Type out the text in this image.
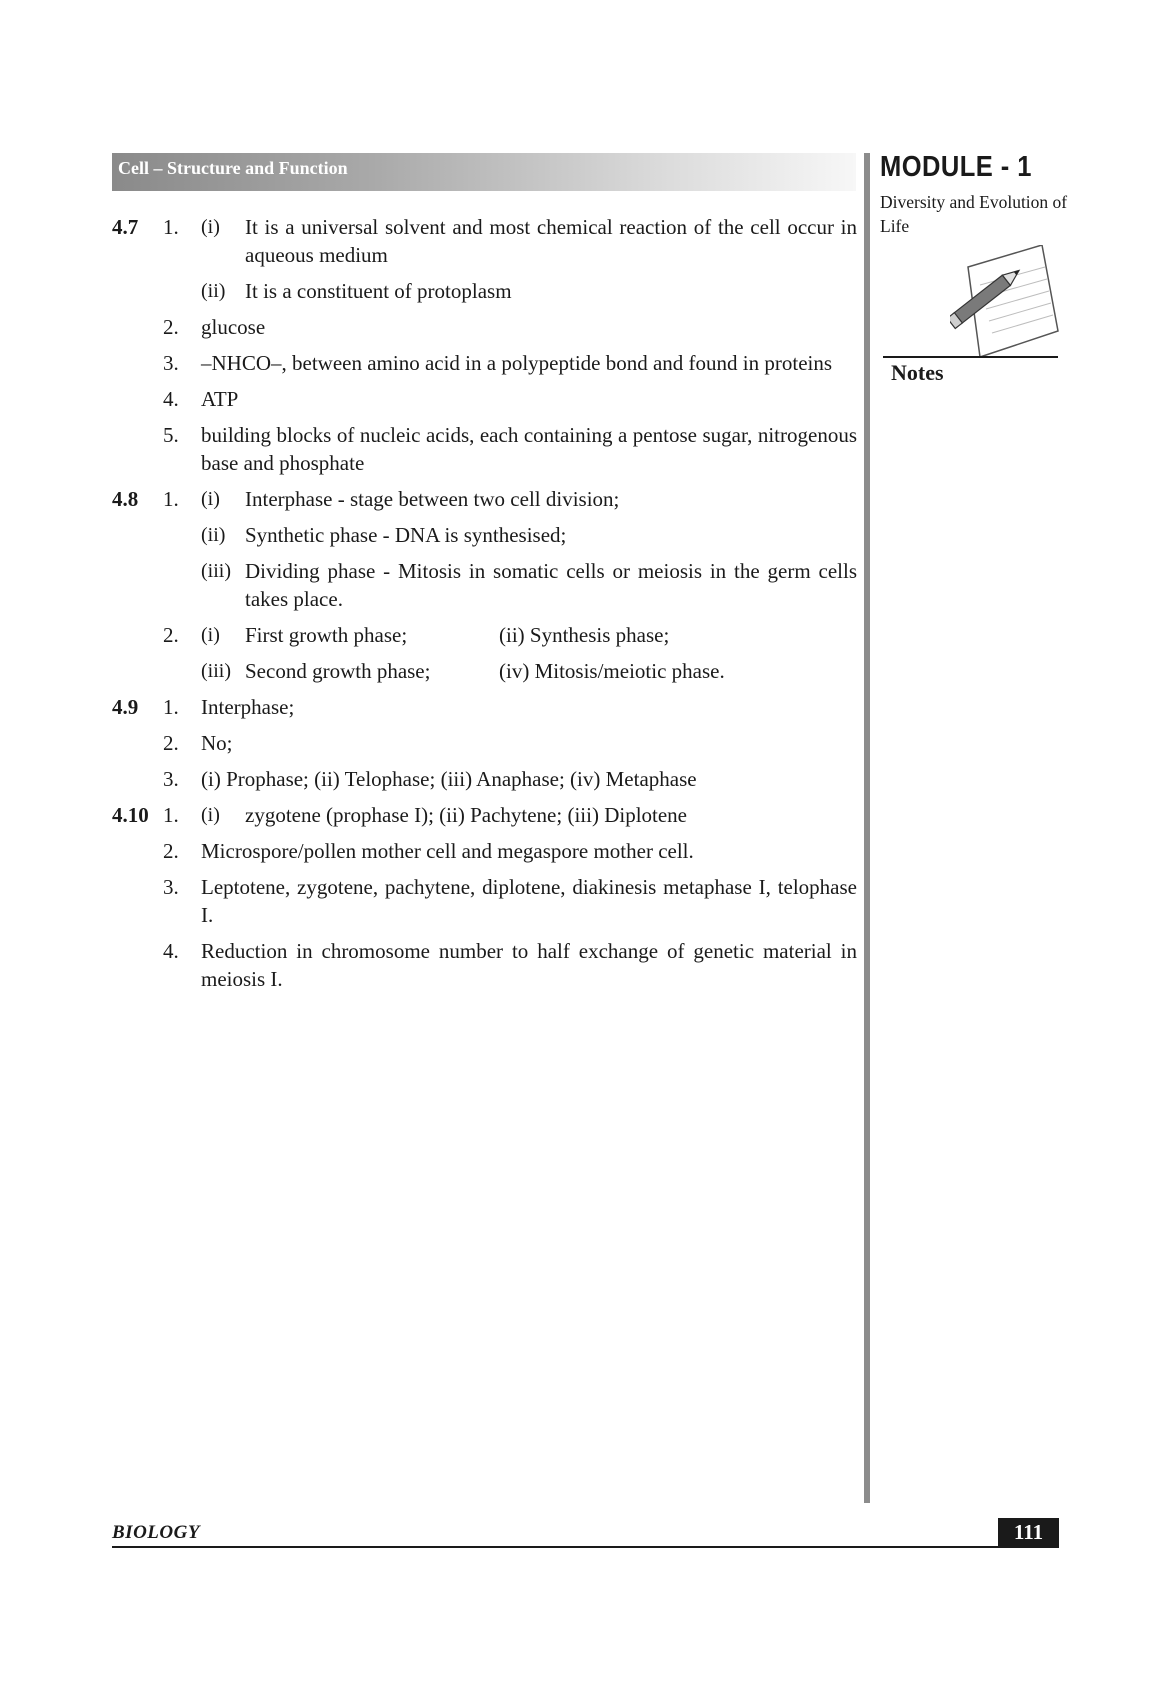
Cell – Structure and Function	MODULE - 1
Diversity and Evolution of Life
Notes
4.7 1. (i) It is a universal solvent and most chemical reaction of the cell occur in aqueous medium
(ii) It is a constituent of protoplasm
2. glucose
3. –NHCO–, between amino acid in a polypeptide bond and found in proteins
4. ATP
5. building blocks of nucleic acids, each containing a pentose sugar, nitrogenous base and phosphate
4.8 1. (i) Interphase - stage between two cell division;
(ii) Synthetic phase - DNA is synthesised;
(iii) Dividing phase - Mitosis in somatic cells or meiosis in the germ cells takes place.
2. (i) First growth phase;	(ii) Synthesis phase;
(iii) Second growth phase;	(iv) Mitosis/meiotic phase.
4.9 1. Interphase;
2. No;
3. (i) Prophase; (ii) Telophase; (iii) Anaphase; (iv) Metaphase
4.10 1. (i) zygotene (prophase I); (ii) Pachytene; (iii) Diplotene
2. Microspore/pollen mother cell and megaspore mother cell.
3. Leptotene, zygotene, pachytene, diplotene, diakinesis metaphase I, telophase I.
4. Reduction in chromosome number to half exchange of genetic material in meiosis I.
BIOLOGY	111
